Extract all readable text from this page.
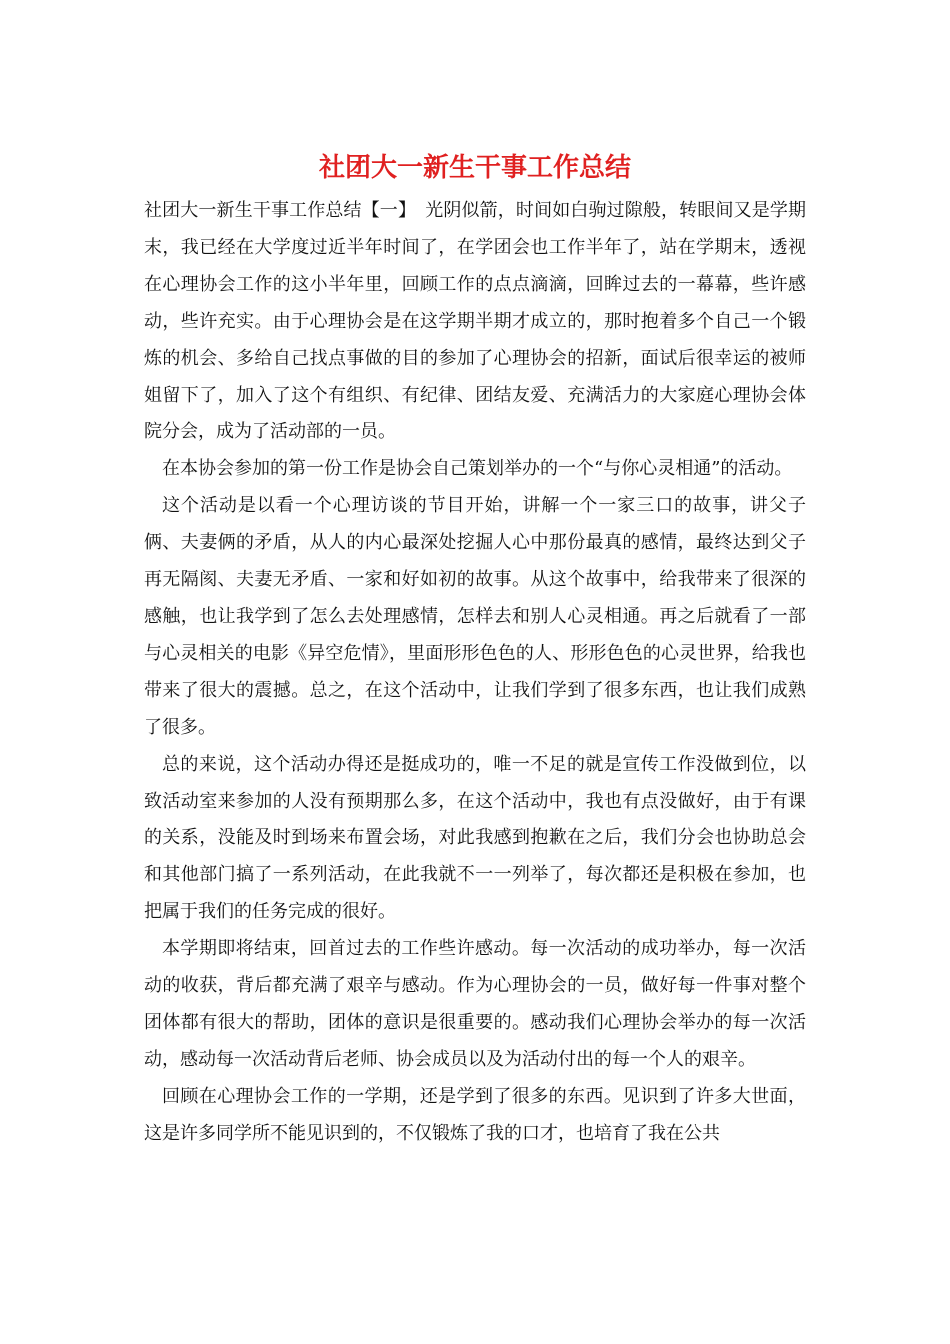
社团大一新生干事工作总结

社团大一新生干事工作总结【一】　光阴似箭，时间如白驹过隙般，转眼间又是学期末，我已经在大学度过近半年时间了，在学团会也工作半年了，站在学期末，透视在心理协会工作的这小半年里，回顾工作的点点滴滴，回眸过去的一幕幕，些许感动，些许充实。由于心理协会是在这学期半期才成立的，那时抱着多个自己一个锻炼的机会、多给自己找点事做的目的参加了心理协会的招新，面试后很幸运的被师姐留下了，加入了这个有组织、有纪律、团结友爱、充满活力的大家庭心理协会体院分会，成为了活动部的一员。

在本协会参加的第一份工作是协会自己策划举办的一个“与你心灵相通”的活动。

这个活动是以看一个心理访谈的节目开始，讲解一个一家三口的故事，讲父子俩、夫妻俩的矛盾，从人的内心最深处挖掘人心中那份最真的感情，最终达到父子再无隔阂、夫妻无矛盾、一家和好如初的故事。从这个故事中，给我带来了很深的感触，也让我学到了怎么去处理感情，怎样去和别人心灵相通。再之后就看了一部与心灵相关的电影《异空危情》，里面形形色色的人、形形色色的心灵世界，给我也带来了很大的震撼。总之，在这个活动中，让我们学到了很多东西，也让我们成熟了很多。

总的来说，这个活动办得还是挺成功的，唯一不足的就是宣传工作没做到位，以致活动室来参加的人没有预期那么多，在这个活动中，我也有点没做好，由于有课的关系，没能及时到场来布置会场，对此我感到抱歉在之后，我们分会也协助总会和其他部门搞了一系列活动，在此我就不一一列举了，每次都还是积极在参加，也把属于我们的任务完成的很好。

本学期即将结束，回首过去的工作些许感动。每一次活动的成功举办，每一次活动的收获，背后都充满了艰辛与感动。作为心理协会的一员，做好每一件事对整个团体都有很大的帮助，团体的意识是很重要的。感动我们心理协会举办的每一次活动，感动每一次活动背后老师、协会成员以及为活动付出的每一个人的艰辛。

回顾在心理协会工作的一学期，还是学到了很多的东西。见识到了许多大世面，这是许多同学所不能见识到的，不仅锻炼了我的口才，也培育了我在公共
